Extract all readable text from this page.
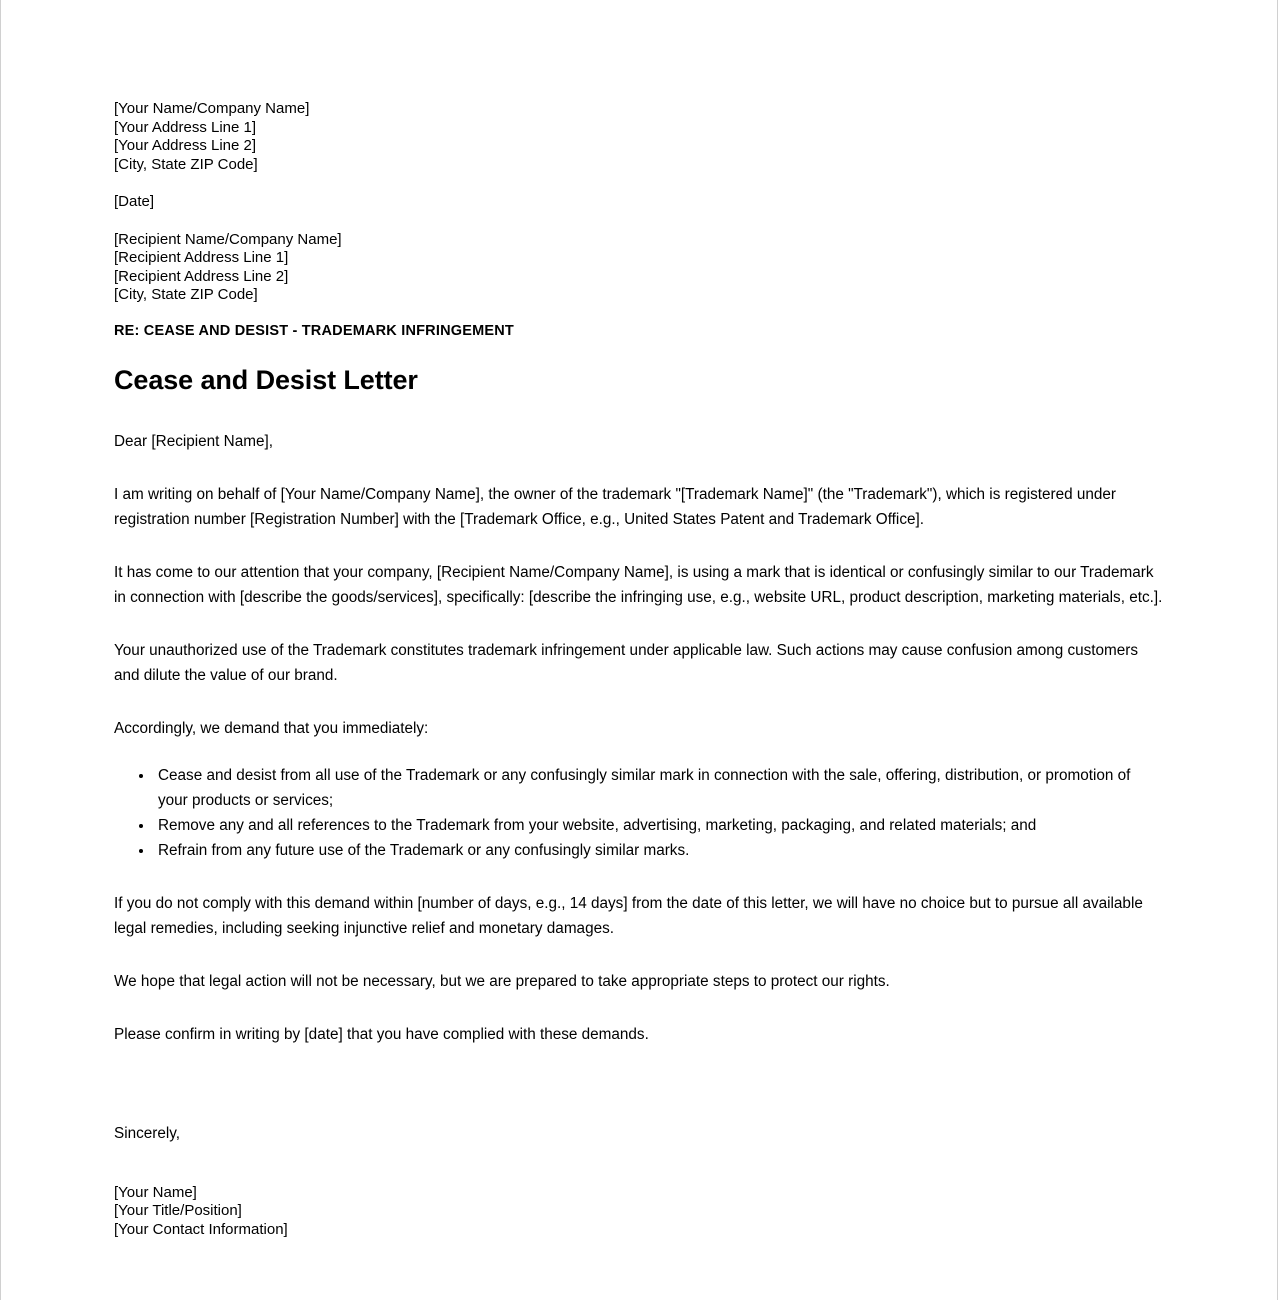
[Your Name/Company Name]
[Your Address Line 1]
[Your Address Line 2]
[City, State ZIP Code]
[Date]
[Recipient Name/Company Name]
[Recipient Address Line 1]
[Recipient Address Line 2]
[City, State ZIP Code]

RE: CEASE AND DESIST - TRADEMARK INFRINGEMENT

Cease and Desist Letter

Dear [Recipient Name],

I am writing on behalf of [Your Name/Company Name], the owner of the trademark "[Trademark Name]" (the "Trademark"), which is registered under registration number [Registration Number] with the [Trademark Office, e.g., United States Patent and Trademark Office].

It has come to our attention that your company, [Recipient Name/Company Name], is using a mark that is identical or confusingly similar to our Trademark in connection with [describe the goods/services], specifically: [describe the infringing use, e.g., website URL, product description, marketing materials, etc.].

Your unauthorized use of the Trademark constitutes trademark infringement under applicable law. Such actions may cause confusion among customers and dilute the value of our brand.

Accordingly, we demand that you immediately:

• Cease and desist from all use of the Trademark or any confusingly similar mark in connection with the sale, offering, distribution, or promotion of your products or services;
• Remove any and all references to the Trademark from your website, advertising, marketing, packaging, and related materials; and
• Refrain from any future use of the Trademark or any confusingly similar marks.

If you do not comply with this demand within [number of days, e.g., 14 days] from the date of this letter, we will have no choice but to pursue all available legal remedies, including seeking injunctive relief and monetary damages.

We hope that legal action will not be necessary, but we are prepared to take appropriate steps to protect our rights.

Please confirm in writing by [date] that you have complied with these demands.

Sincerely,

[Your Name]
[Your Title/Position]
[Your Contact Information]
